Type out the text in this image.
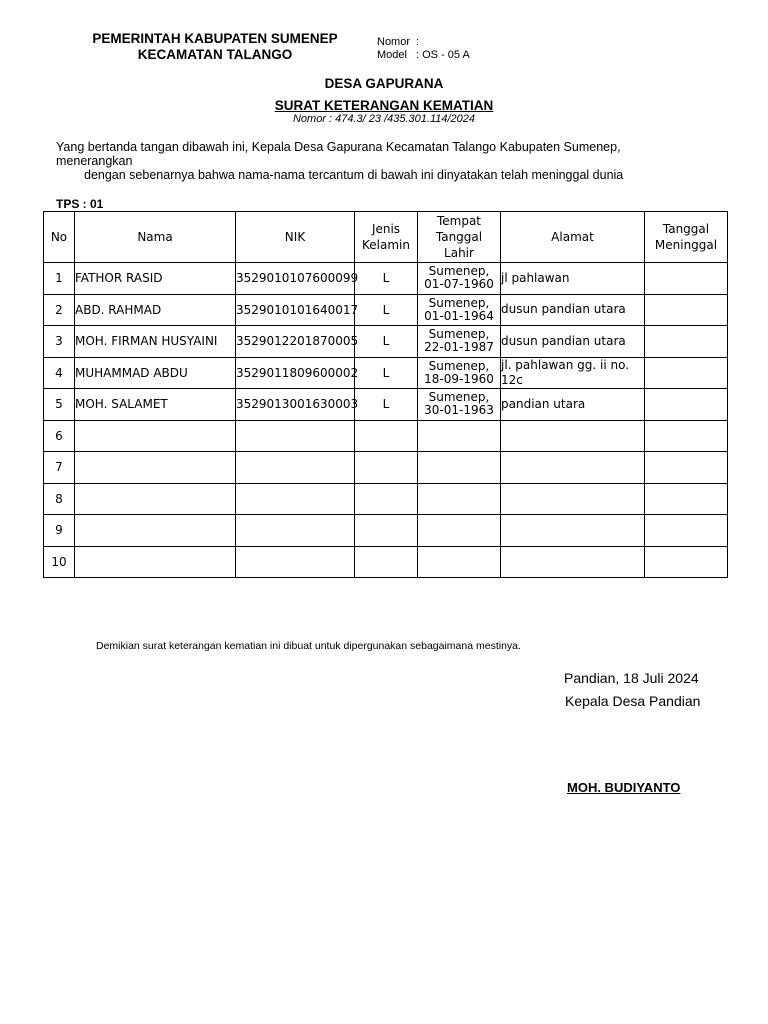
PEMERINTAH KABUPATEN SUMENEP
KECAMATAN TALANGO
Nomor :
Model : OS - 05 A
DESA GAPURANA
SURAT KETERANGAN KEMATIAN
Nomor : 474.3/ 23 /435.301.114/2024
Yang bertanda tangan dibawah ini, Kepala Desa Gapurana Kecamatan Talango Kabupaten Sumenep, menerangkan
dengan sebenarnya bahwa nama-nama tercantum di bawah ini dinyatakan telah meninggal dunia
TPS : 01
No	Nama	NIK	Jenis Kelamin	Tempat Tanggal Lahir	Alamat	Tanggal Meninggal
1	FATHOR RASID	3529010107600099	L	Sumenep,
01-07-1960	jl pahlawan	
2	ABD. RAHMAD	3529010101640017	L	Sumenep,
01-01-1964	dusun pandian utara	
3	MOH. FIRMAN HUSYAINI	3529012201870005	L	Sumenep,
22-01-1987	dusun pandian utara	
4	MUHAMMAD ABDU	3529011809600002	L	Sumenep,
18-09-1960	jl. pahlawan gg. ii no. 12c	
5	MOH. SALAMET	3529013001630003	L	Sumenep,
30-01-1963	pandian utara	
6				

7				

8				

9				

10				

Demikian surat keterangan kematian ini dibuat untuk dipergunakan sebagaimana mestinya.
Pandian, 18 Juli 2024
Kepala Desa Pandian
MOH. BUDIYANTO
